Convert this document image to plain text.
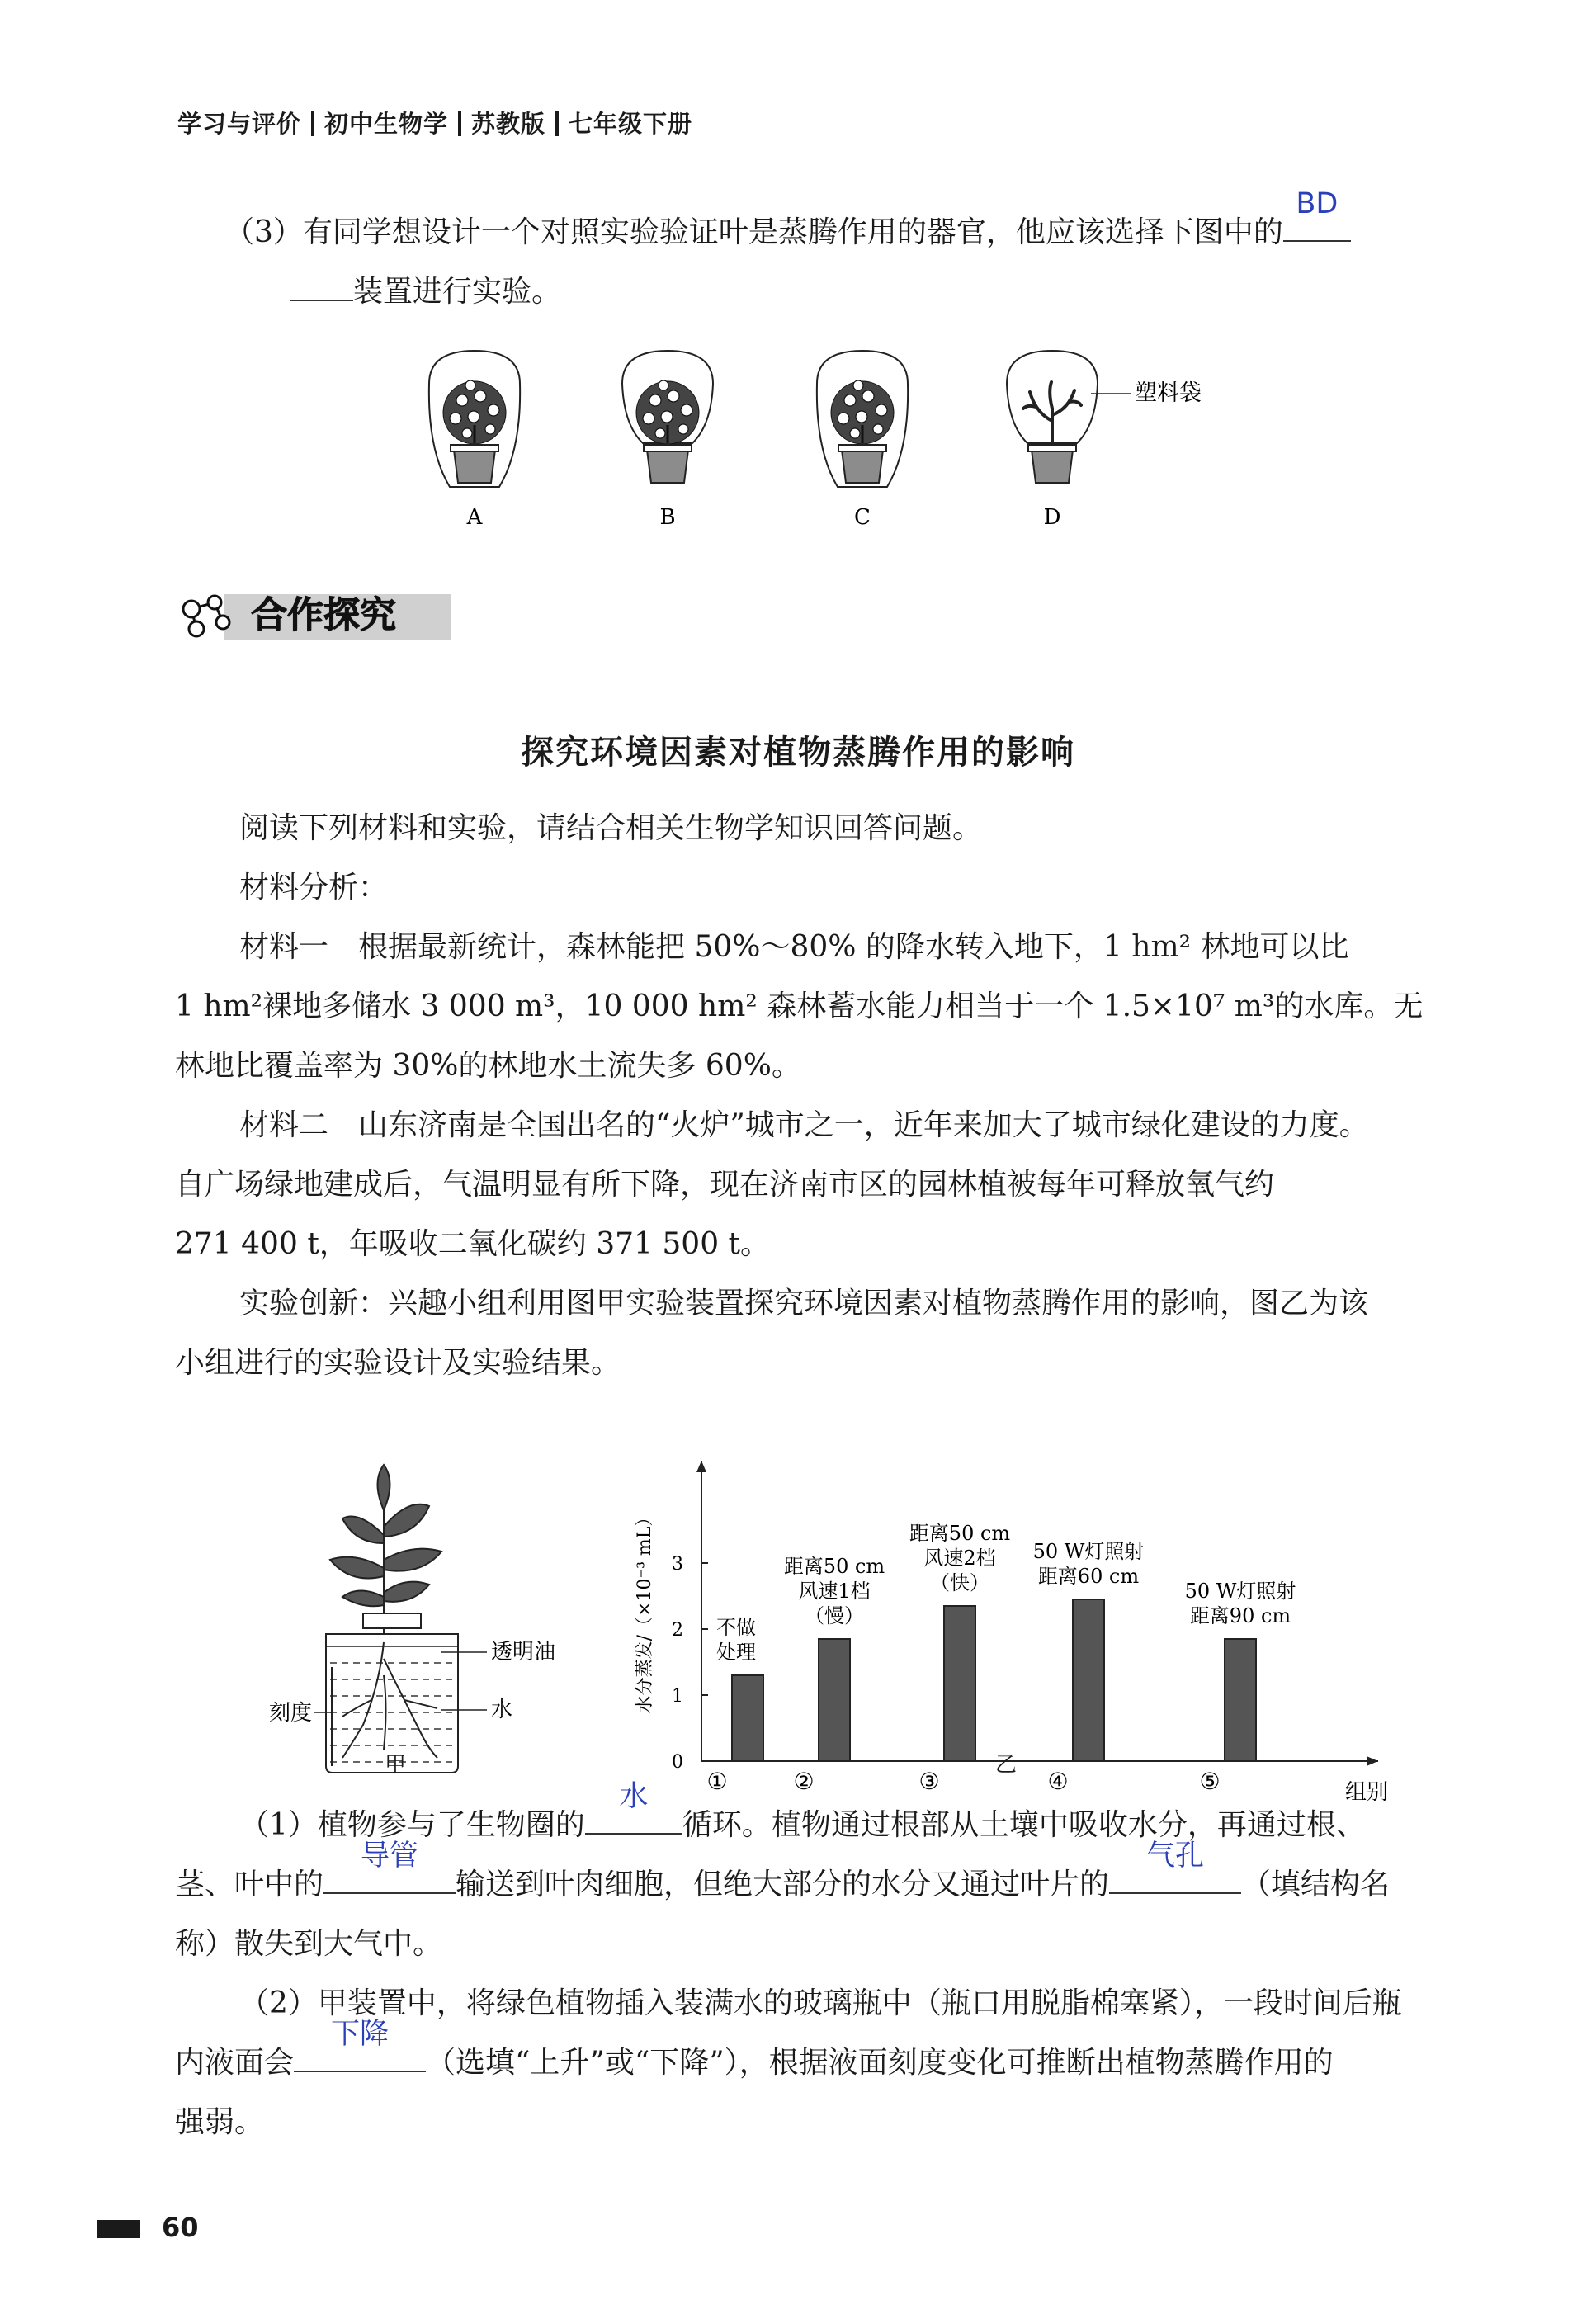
学习与评价 初中生物学 苏教版 七年级下册
（3）有同学想设计一个对照实验验证叶是蒸腾作用的器官，他应该选择下图中的
BD
装置进行实验。
A	B	C	D
塑料袋
合作探究
探究环境因素对植物蒸腾作用的影响
阅读下列材料和实验，请结合相关生物学知识回答问题。
材料分析：
材料一　根据最新统计，森林能把 50%～80% 的降水转入地下，1 hm² 林地可以比
1 hm²裸地多储水 3 000 m³，10 000 hm² 森林蓄水能力相当于一个 1.5×10⁷ m³的水库。无
林地比覆盖率为 30%的林地水土流失多 60%。
材料二　山东济南是全国出名的“火炉”城市之一，近年来加大了城市绿化建设的力度。
自广场绿地建成后，气温明显有所下降，现在济南市区的园林植被每年可释放氧气约
271 400 t，年吸收二氧化碳约 371 500 t。
实验创新：兴趣小组利用图甲实验装置探究环境因素对植物蒸腾作用的影响，图乙为该
小组进行的实验设计及实验结果。
透明油
水
刻度
甲	0
1
2
3
水分蒸发/（×10⁻³ mL）
组别
①
不做
处理
②
距离50 cm
风速1档
（慢）
③
距离50 cm
风速2档
（快）
④
50 W灯照射
距离60 cm
⑤
50 W灯照射
距离90 cm
乙
（1）植物参与了生物圈的
水
循环。植物通过根部从土壤中吸收水分，再通过根、
茎、叶中的
导管
输送到叶肉细胞，但绝大部分的水分又通过叶片的
气孔
（填结构名
称）散失到大气中。
（2）甲装置中，将绿色植物插入装满水的玻璃瓶中（瓶口用脱脂棉塞紧），一段时间后瓶
内液面会
下降
（选填“上升”或“下降”），根据液面刻度变化可推断出植物蒸腾作用的
强弱。
60
